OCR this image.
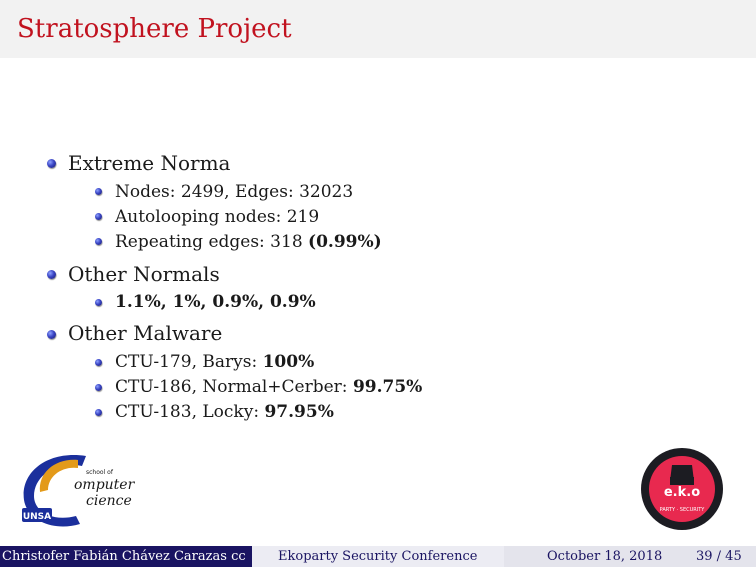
Stratosphere Project
Extreme Norma
Nodes: 2499, Edges: 32023
Autolooping nodes: 219
Repeating edges: 318 (0.99%)
Other Normals
1.1%, 1%, 0.9%, 0.9%
Other Malware
CTU-179, Barys: 100%
CTU-186, Normal+Cerber: 99.75%
CTU-183, Locky: 97.95%
UNSA
school of
omputer
cience
e.k.o
PARTY · SECURITY
Christofer Fabián Chávez Carazas cc Ekoparty Security Conference	October 18, 2018	39 / 45
